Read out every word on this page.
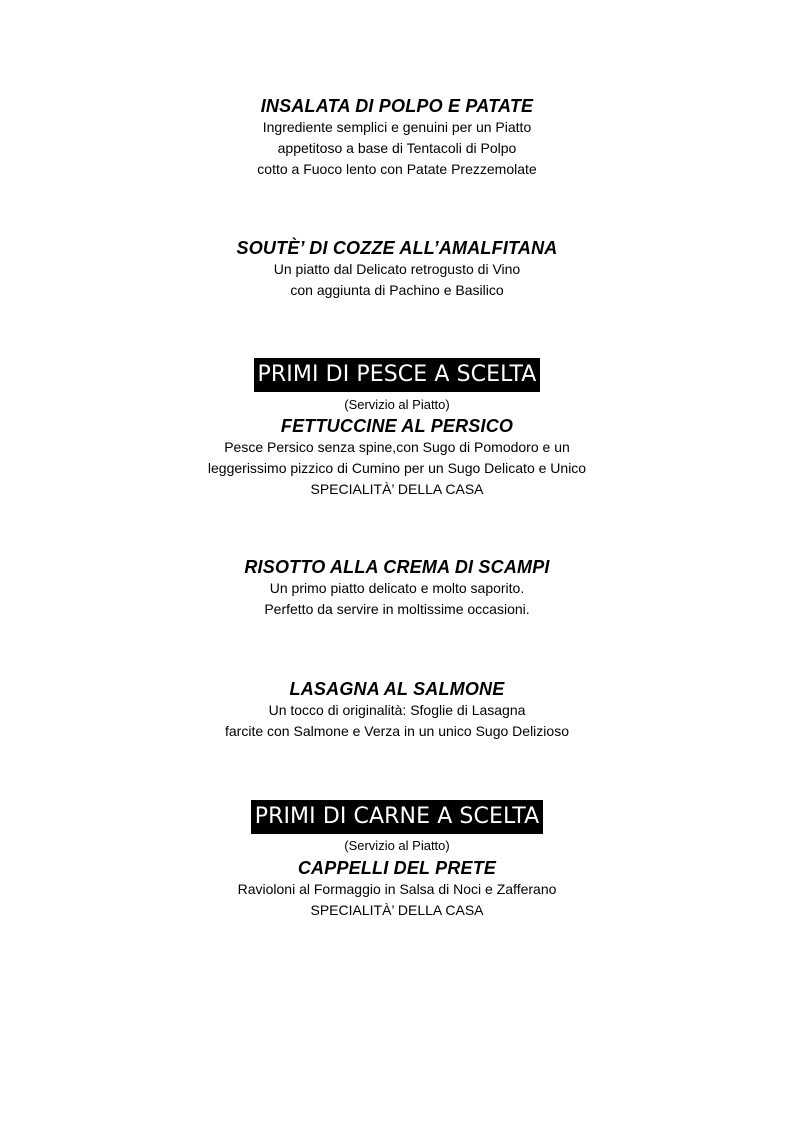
INSALATA DI POLPO E PATATE
Ingrediente semplici e genuini per un Piatto
appetitoso a base di Tentacoli di Polpo
cotto a Fuoco lento con Patate Prezzemolate
SOUTÈ’ DI COZZE ALL’AMALFITANA
Un piatto dal Delicato retrogusto di Vino
con aggiunta di Pachino e Basilico
PRIMI DI PESCE A SCELTA
(Servizio al Piatto)
FETTUCCINE AL PERSICO
Pesce Persico senza spine,con Sugo di Pomodoro e un
leggerissimo pizzico di Cumino per un Sugo Delicato e Unico
SPECIALITÀ’ DELLA CASA
RISOTTO ALLA CREMA DI SCAMPI
Un primo piatto delicato e molto saporito.
Perfetto da servire in moltissime occasioni.
LASAGNA AL SALMONE
Un tocco di originalità: Sfoglie di Lasagna
farcite con Salmone e Verza in un unico Sugo Delizioso
PRIMI DI CARNE A SCELTA
(Servizio al Piatto)
CAPPELLI DEL PRETE
Ravioloni al Formaggio in Salsa di Noci e Zafferano
SPECIALITÀ’ DELLA CASA
